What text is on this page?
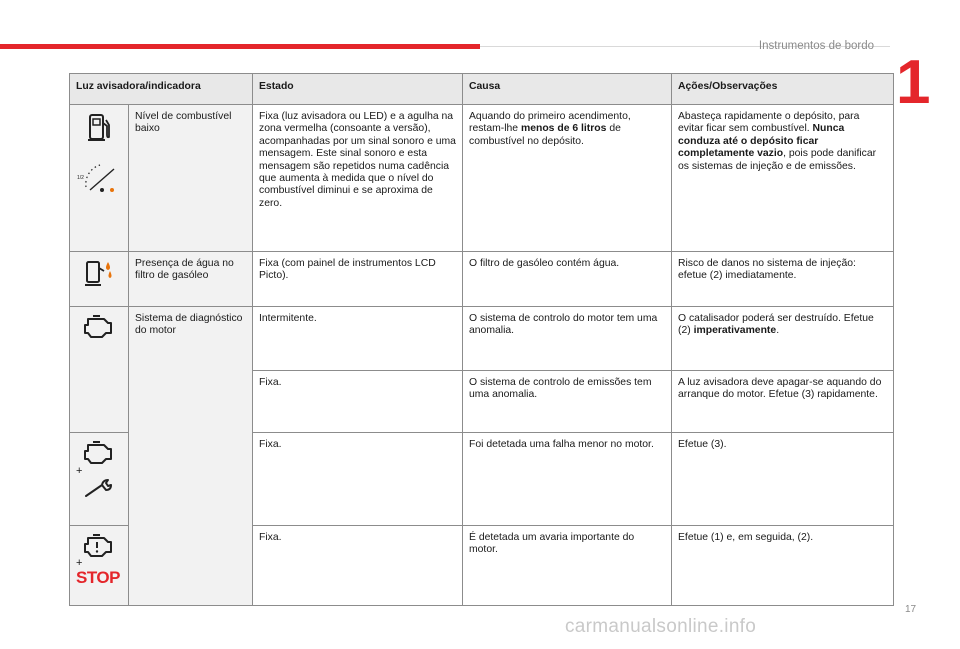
Instrumentos de bordo
1
Luz avisadora/indicadora		Estado	Causa	Ações/Observações

1/2	Nível de combustível baixo	Fixa (luz avisadora ou LED) e a agulha na zona vermelha (consoante a versão), acompanhadas por um sinal sonoro e uma mensagem. Este sinal sonoro e esta mensagem são repetidos numa cadência que aumenta à medida que o nível do combustível diminui e se aproxima de zero.	Aquando do primeiro acendimento, restam-lhe menos de 6 litros de combustível no depósito.	Abasteça rapidamente o depósito, para evitar ficar sem combustível. Nunca conduza até o depósito ficar completamente vazio, pois pode danificar os sistemas de injeção e de emissões.

	Presença de água no filtro de gasóleo	Fixa (com painel de instrumentos LCD Picto).	O filtro de gasóleo contém água.	Risco de danos no sistema de injeção: efetue (2) imediatamente.

	Sistema de diagnóstico do motor	Intermitente.	O sistema de controlo do motor tem uma anomalia.	O catalisador poderá ser destruído. Efetue (2) imperativamente.
		Fixa.	O sistema de controlo de emissões tem uma anomalia.	A luz avisadora deve apagar-se aquando do arranque do motor. Efetue (3) rapidamente.

+		Fixa.	Foi detetada uma falha menor no motor.	Efetue (3).

+
STOP		Fixa.	É detetada um avaria importante do motor.	Efetue (1) e, em seguida, (2).
17
carmanualsonline.info
